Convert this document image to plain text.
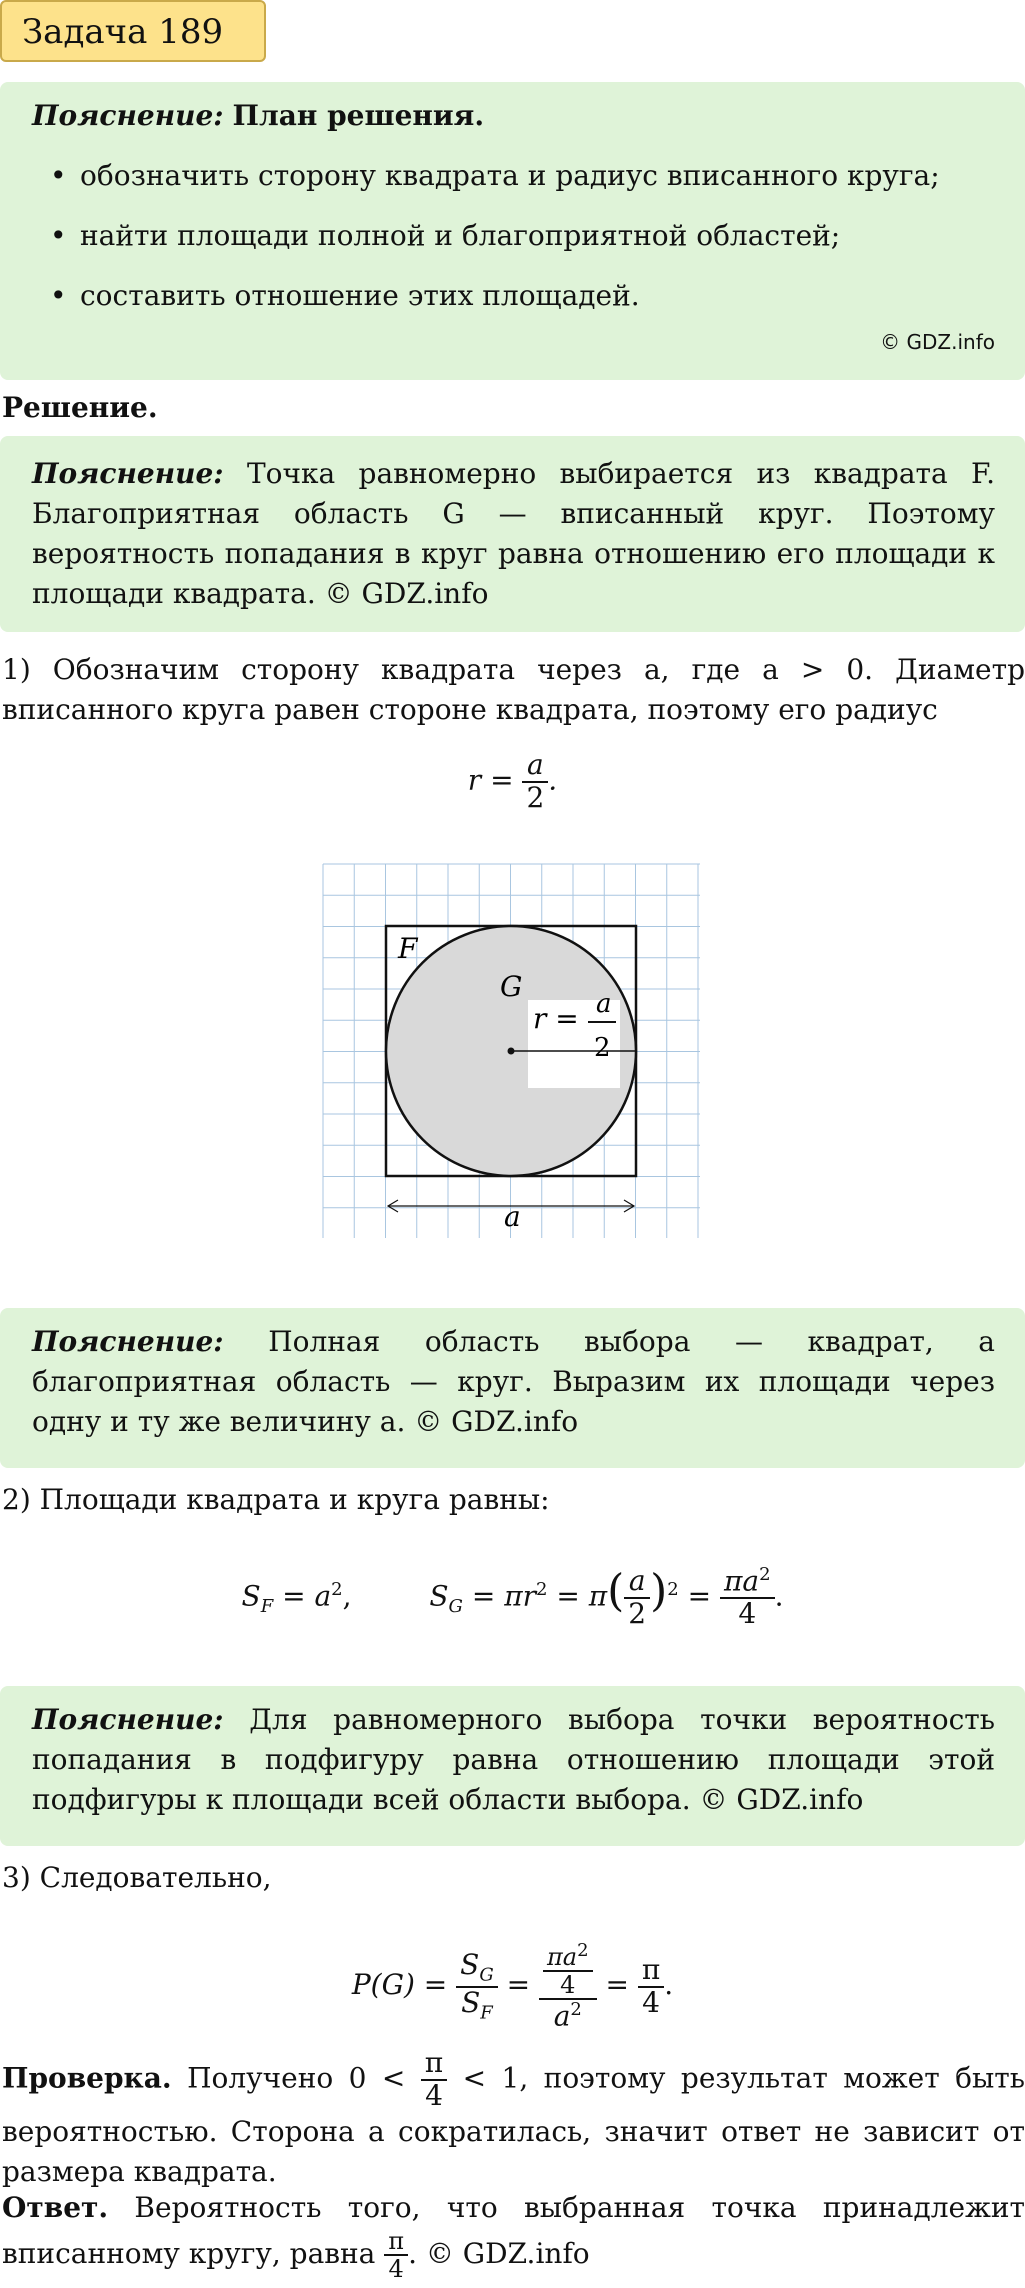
Задача 189

Пояснение: План решения.

• обозначить сторону квадрата и радиус вписанного круга;
• найти площади полной и благоприятной областей;
• составить отношение этих площадей.
© GDZ.info
Решение.

Пояснение: Точка равномерно выбирается из квадрата F. Благоприятная область G — вписанный круг. Поэтому вероятность попадания в круг равна отношению его площади к площади квадрата. © GDZ.info

1) Обозначим сторону квадрата через a, где a > 0. Диаметр вписанного круга равен стороне квадрата, поэтому его радиус

$r = \frac{a}{2}$ .
F
G
r = a
2
a

Пояснение: Полная область выбора — квадрат, а благоприятная область — круг. Выразим их площади через одну и ту же величину a. © GDZ.info

2) Площади квадрата и круга равны:

$S_F = a^2$,	$S_G = \pi r^2 = \pi( \frac{a}{2} )^2 = \frac{\pi a^2}{4}$ .

Пояснение: Для равномерного выбора точки вероятность попадания в подфигуру равна отношению площади этой подфигуры к площади всей области выбора. © GDZ.info

3) Следовательно,

$P(G) = \frac{S_G}{S_F} = \frac{\frac{\pi a^2}{4}}{a^2} = \frac{\pi}{4}$ .

Проверка. Получено $0 < \frac{\pi}{4} < 1$, поэтому результат может быть вероятностью. Сторона a сократилась, значит ответ не зависит от размера квадрата.

Ответ. Вероятность того, что выбранная точка принадлежит вписанному кругу, равна $\frac{\pi}{4}$ . © GDZ.info
